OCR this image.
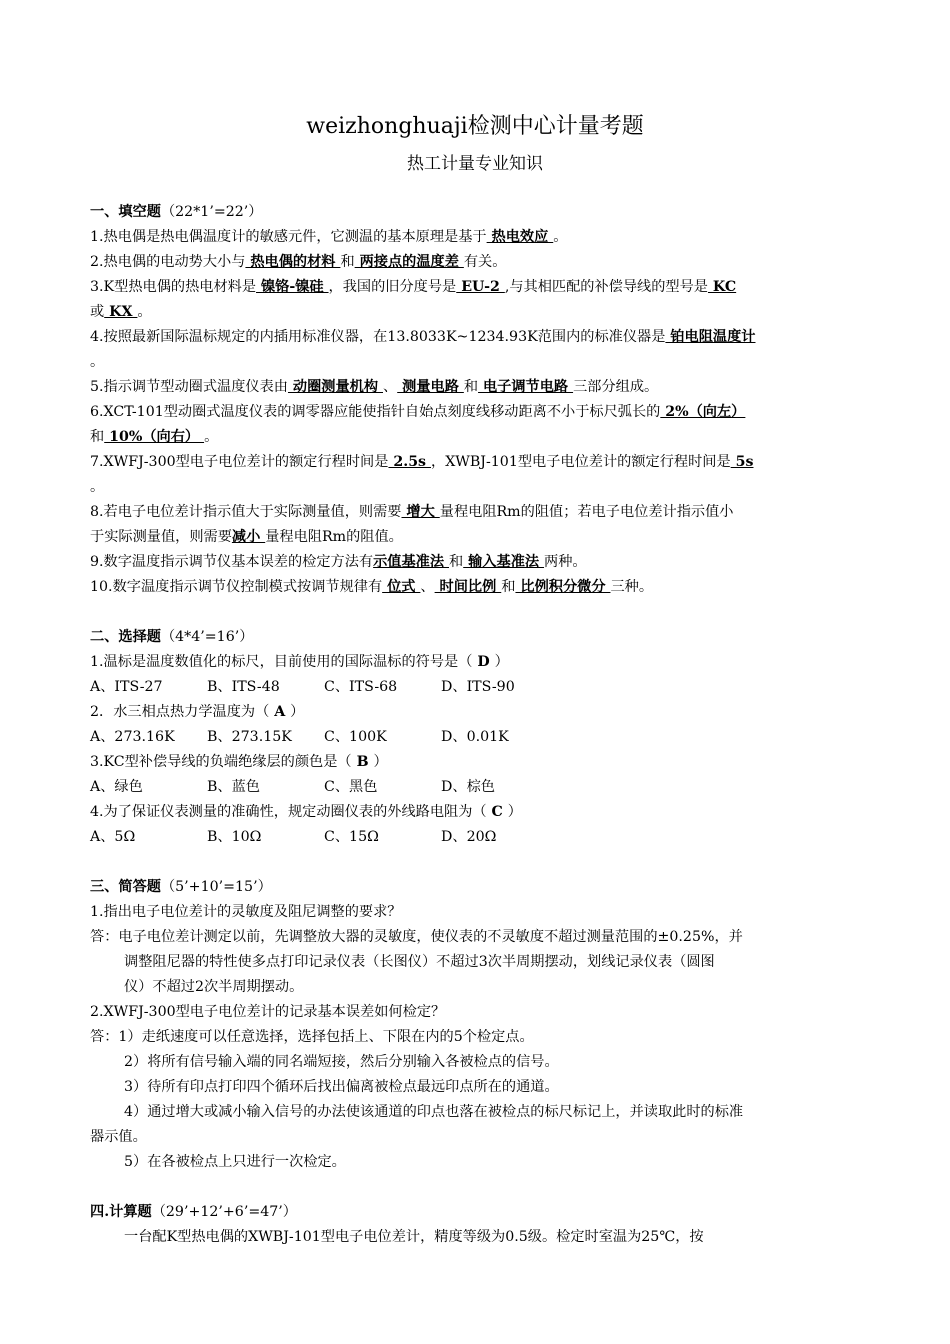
weizhonghuaji检测中心计量考题
热工计量专业知识
一、填空题（22*1’=22’）
1.热电偶是热电偶温度计的敏感元件，它测温的基本原理是基于 热电效应 。
2.热电偶的电动势大小与 热电偶的材料 和 两接点的温度差 有关。
3.K型热电偶的热电材料是 镍铬-镍硅 ，我国的旧分度号是 EU-2 ,与其相匹配的补偿导线的型号是 KC
或 KX 。
4.按照最新国际温标规定的内插用标准仪器，在13.8033K~1234.93K范围内的标准仪器是 铂电阻温度计
。
5.指示调节型动圈式温度仪表由 动圈测量机构 、 测量电路 和 电子调节电路 三部分组成。
6.XCT-101型动圈式温度仪表的调零器应能使指针自始点刻度线移动距离不小于标尺弧长的 2%（向左）
和 10%（向右） 。
7.XWFJ-300型电子电位差计的额定行程时间是 2.5s ，XWBJ-101型电子电位差计的额定行程时间是 5s
。
8.若电子电位差计指示值大于实际测量值，则需要 增大 量程电阻Rm的阻值；若电子电位差计指示值小
于实际测量值，则需要减小 量程电阻Rm的阻值。
9.数字温度指示调节仪基本误差的检定方法有示值基准法 和 输入基准法 两种。
10.数字温度指示调节仪控制模式按调节规律有 位式 、 时间比例 和 比例积分微分 三种。
二、选择题（4*4’=16’）
1.温标是温度数值化的标尺，目前使用的国际温标的符号是（ D ）
A、ITS-27	B、ITS-48	C、ITS-68	D、ITS-90
2．水三相点热力学温度为（ A ）
A、273.16K B、273.15K C、100K	D、0.01K
3.KC型补偿导线的负端绝缘层的颜色是（ B ）
A、绿色	B、蓝色	C、黑色	D、棕色
4.为了保证仪表测量的准确性，规定动圈仪表的外线路电阻为（ C ）
A、5Ω	B、10Ω	C、15Ω	D、20Ω
三、简答题（5’+10’=15’）
1.指出电子电位差计的灵敏度及阻尼调整的要求？
答：电子电位差计测定以前，先调整放大器的灵敏度，使仪表的不灵敏度不超过测量范围的±0.25%，并
调整阻尼器的特性使多点打印记录仪表（长图仪）不超过3次半周期摆动，划线记录仪表（圆图
仪）不超过2次半周期摆动。
2.XWFJ-300型电子电位差计的记录基本误差如何检定？
答：1）走纸速度可以任意选择，选择包括上、下限在内的5个检定点。
2）将所有信号输入端的同名端短接，然后分别输入各被检点的信号。
3）待所有印点打印四个循环后找出偏离被检点最远印点所在的通道。
4）通过增大或减小输入信号的办法使该通道的印点也落在被检点的标尺标记上，并读取此时的标准
器示值。
5）在各被检点上只进行一次检定。
四.计算题（29’+12’+6’=47’）
一台配K型热电偶的XWBJ-101型电子电位差计，精度等级为0.5级。检定时室温为25℃，按
